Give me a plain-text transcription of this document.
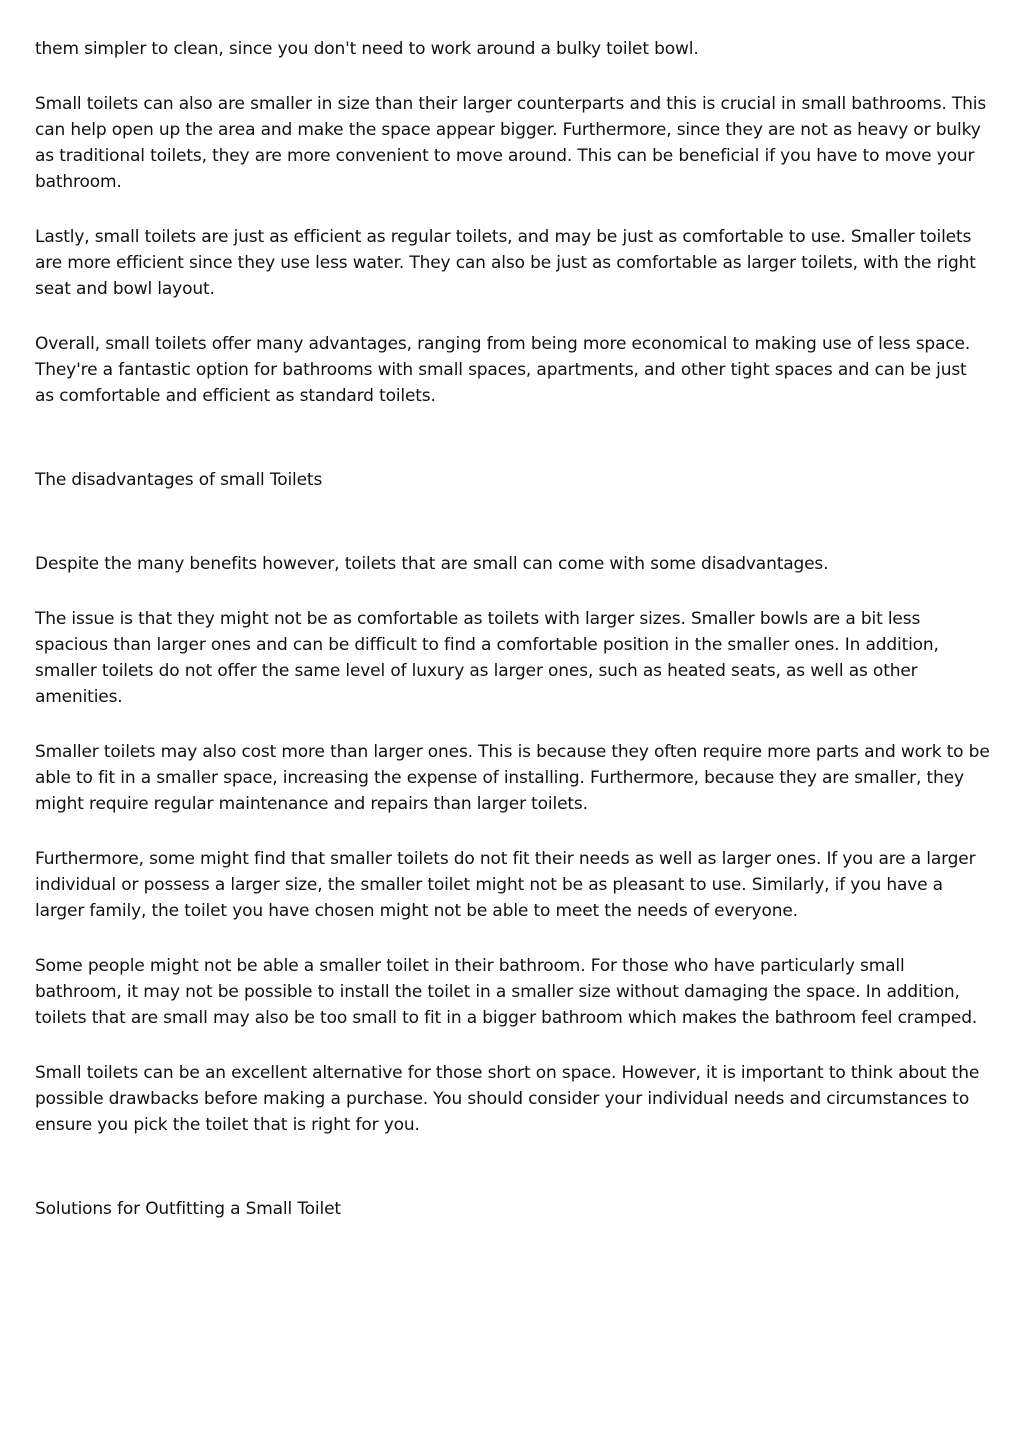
them simpler to clean, since you don't need to work around a bulky toilet bowl.

Small toilets can also are smaller in size than their larger counterparts and this is crucial in small bathrooms. This can help open up the area and make the space appear bigger. Furthermore, since they are not as heavy or bulky as traditional toilets, they are more convenient to move around. This can be beneficial if you have to move your bathroom.

Lastly, small toilets are just as efficient as regular toilets, and may be just as comfortable to use. Smaller toilets are more efficient since they use less water. They can also be just as comfortable as larger toilets, with the right seat and bowl layout.

Overall, small toilets offer many advantages, ranging from being more economical to making use of less space. They're a fantastic option for bathrooms with small spaces, apartments, and other tight spaces and can be just as comfortable and efficient as standard toilets.

The disadvantages of small Toilets

Despite the many benefits however, toilets that are small can come with some disadvantages.

The issue is that they might not be as comfortable as toilets with larger sizes. Smaller bowls are a bit less spacious than larger ones and can be difficult to find a comfortable position in the smaller ones. In addition, smaller toilets do not offer the same level of luxury as larger ones, such as heated seats, as well as other amenities.

Smaller toilets may also cost more than larger ones. This is because they often require more parts and work to be able to fit in a smaller space, increasing the expense of installing. Furthermore, because they are smaller, they might require regular maintenance and repairs than larger toilets.

Furthermore, some might find that smaller toilets do not fit their needs as well as larger ones. If you are a larger individual or possess a larger size, the smaller toilet might not be as pleasant to use. Similarly, if you have a larger family, the toilet you have chosen might not be able to meet the needs of everyone.

Some people might not be able a smaller toilet in their bathroom. For those who have particularly small bathroom, it may not be possible to install the toilet in a smaller size without damaging the space. In addition, toilets that are small may also be too small to fit in a bigger bathroom which makes the bathroom feel cramped.

Small toilets can be an excellent alternative for those short on space. However, it is important to think about the possible drawbacks before making a purchase. You should consider your individual needs and circumstances to ensure you pick the toilet that is right for you.

Solutions for Outfitting a Small Toilet
